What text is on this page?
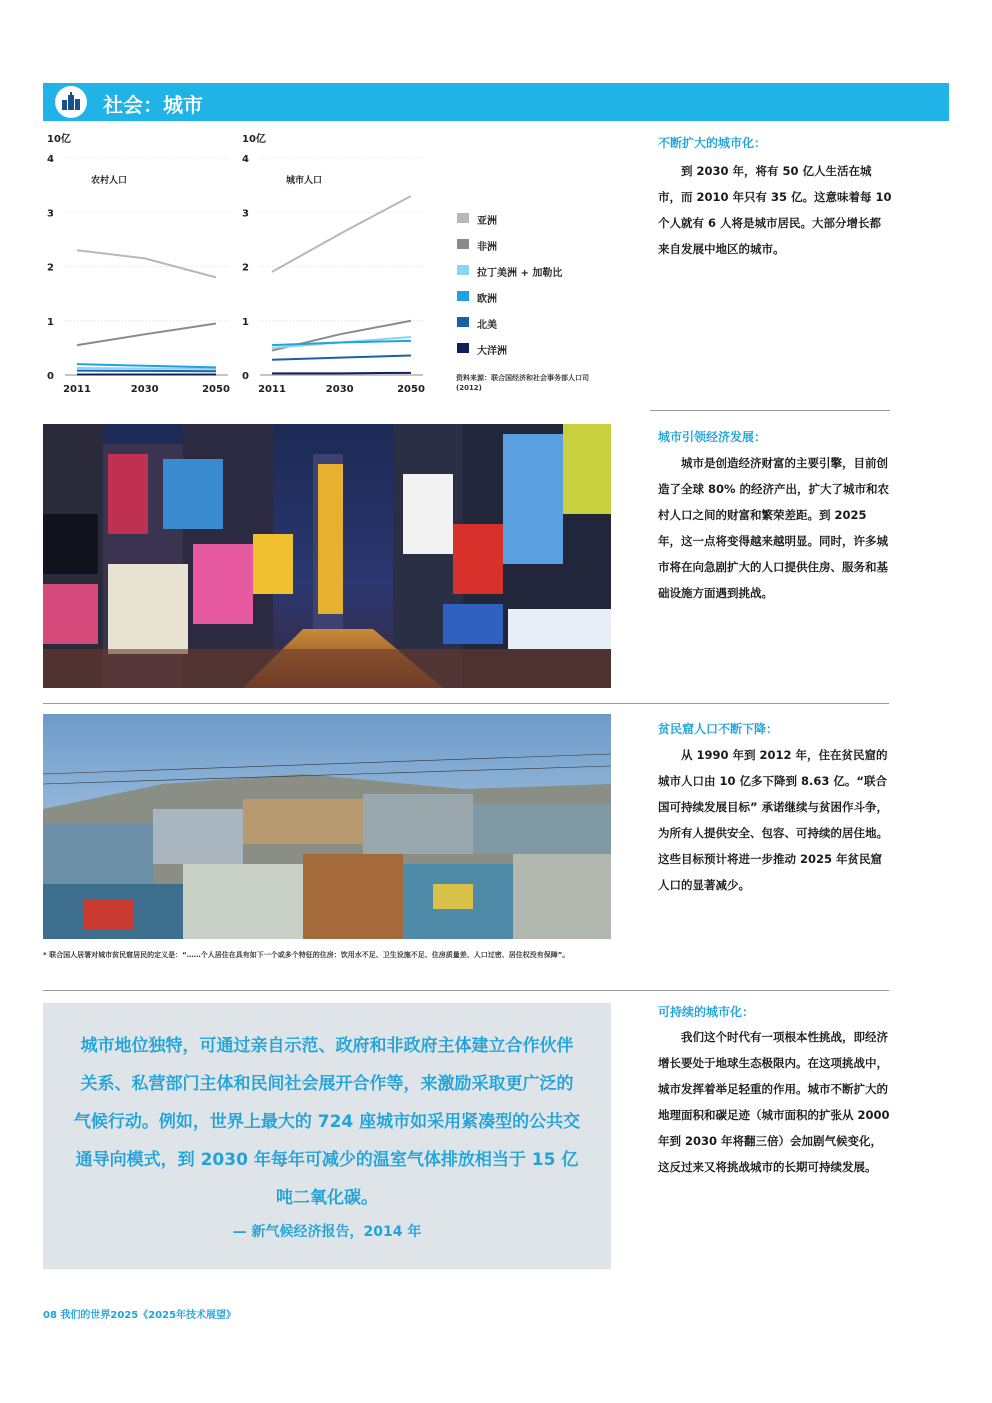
社会：城市
10亿
农村人口
0
1
2
3
4
2011	2030	2050
10亿
城市人口
0
1
2
3
4
2011	2030	2050
亚洲
非洲
拉丁美洲 + 加勒比
欧洲
北美
大洋洲
资料来源：联合国经济和社会事务部人口司 (2012)
不断扩大的城市化：
到 2030 年，将有 50 亿人生活在城市，而 2010 年只有 35 亿。这意味着每 10 个人就有 6 人将是城市居民。大部分增长都来自发展中地区的城市。
城市引领经济发展：
城市是创造经济财富的主要引擎，目前创造了全球 80% 的经济产出，扩大了城市和农村人口之间的财富和繁荣差距。到 2025 年，这一点将变得越来越明显。同时，许多城市将在向急剧扩大的人口提供住房、服务和基础设施方面遇到挑战。
贫民窟人口不断下降：
从 1990 年到 2012 年，住在贫民窟的城市人口由 10 亿多下降到 8.63 亿。“联合国可持续发展目标” 承诺继续与贫困作斗争，为所有人提供安全、包容、可持续的居住地。这些目标预计将进一步推动 2025 年贫民窟人口的显著减少。
可持续的城市化：
我们这个时代有一项根本性挑战，即经济增长要处于地球生态极限内。在这项挑战中，城市发挥着举足轻重的作用。城市不断扩大的地理面积和碳足迹（城市面积的扩张从 2000 年到 2030 年将翻三倍）会加剧气候变化，这反过来又将挑战城市的长期可持续发展。
* 联合国人居署对城市贫民窟居民的定义是：“……个人居住在具有如下一个或多个特征的住房：饮用水不足、卫生设施不足、住房质量差、人口过密、居住权没有保障”。
城市地位独特，可通过亲自示范、政府和非政府主体建立合作伙伴关系、私营部门主体和民间社会展开合作等，来激励采取更广泛的气候行动。例如，世界上最大的 724 座城市如采用紧凑型的公共交通导向模式，到 2030 年每年可减少的温室气体排放相当于 15 亿吨二氧化碳。
— 新气候经济报告，2014 年
08 我们的世界2025《2025年技术展望》
